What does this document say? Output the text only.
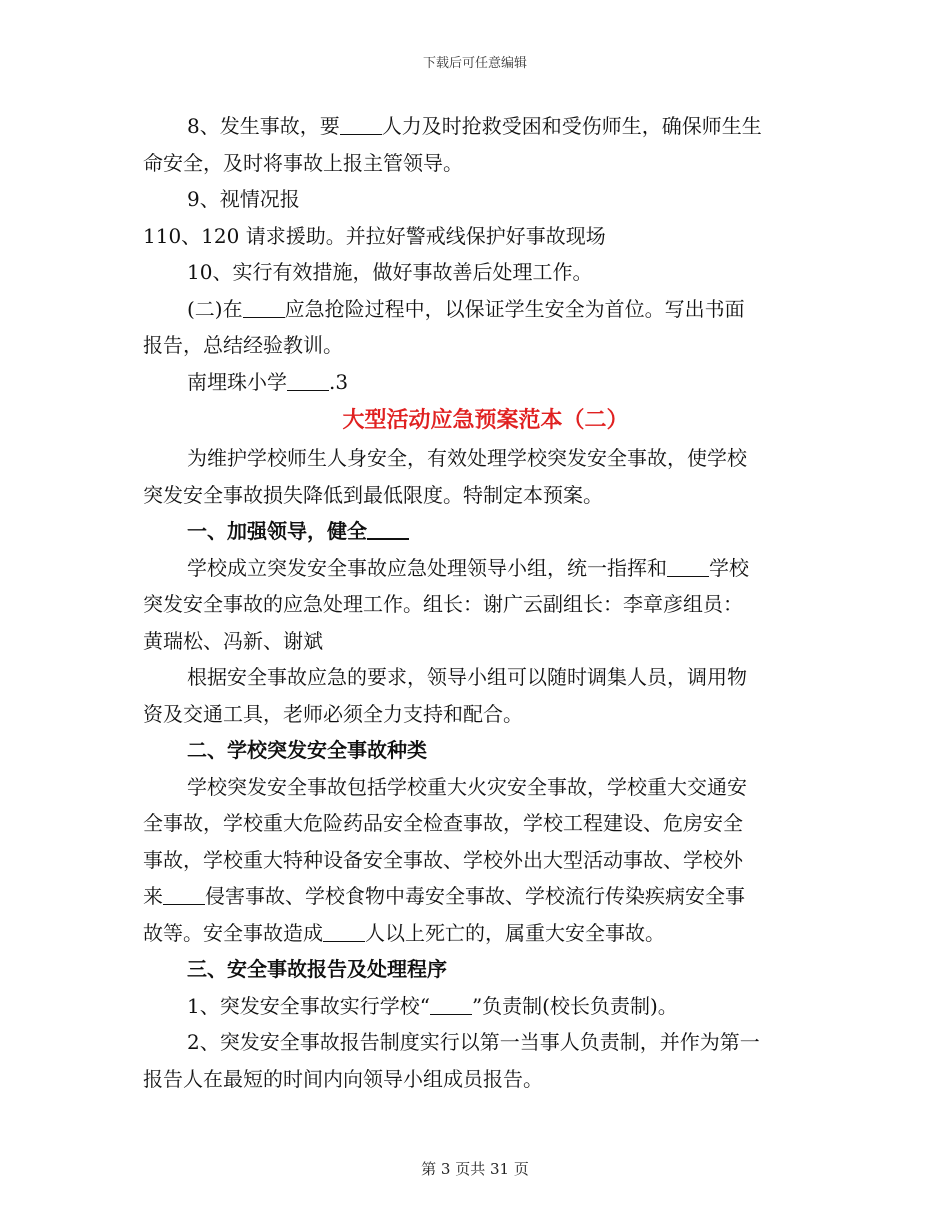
下载后可任意编辑

8、发生事故，要 人力及时抢救受困和受伤师生，确保师生生

命安全，及时将事故上报主管领导。

9、视情况报

110、120 请求援助。并拉好警戒线保护好事故现场

10、实行有效措施，做好事故善后处理工作。

(二)在 应急抢险过程中，以保证学生安全为首位。写出书面

报告，总结经验教训。

南埋珠小学 .3

大型活动应急预案范本（二）

为维护学校师生人身安全，有效处理学校突发安全事故，使学校

突发安全事故损失降低到最低限度。特制定本预案。

一、加强领导，健全

学校成立突发安全事故应急处理领导小组，统一指挥和 学校

突发安全事故的应急处理工作。组长：谢广云副组长：李章彦组员：

黄瑞松、冯新、谢斌

根据安全事故应急的要求，领导小组可以随时调集人员，调用物

资及交通工具，老师必须全力支持和配合。

二、学校突发安全事故种类

学校突发安全事故包括学校重大火灾安全事故，学校重大交通安

全事故，学校重大危险药品安全检查事故，学校工程建设、危房安全

事故，学校重大特种设备安全事故、学校外出大型活动事故、学校外

来 侵害事故、学校食物中毒安全事故、学校流行传染疾病安全事

故等。安全事故造成 人以上死亡的，属重大安全事故。

三、安全事故报告及处理程序

1、突发安全事故实行学校“ ”负责制(校长负责制)。

2、突发安全事故报告制度实行以第一当事人负责制，并作为第一

报告人在最短的时间内向领导小组成员报告。

第 3 页共 31 页
